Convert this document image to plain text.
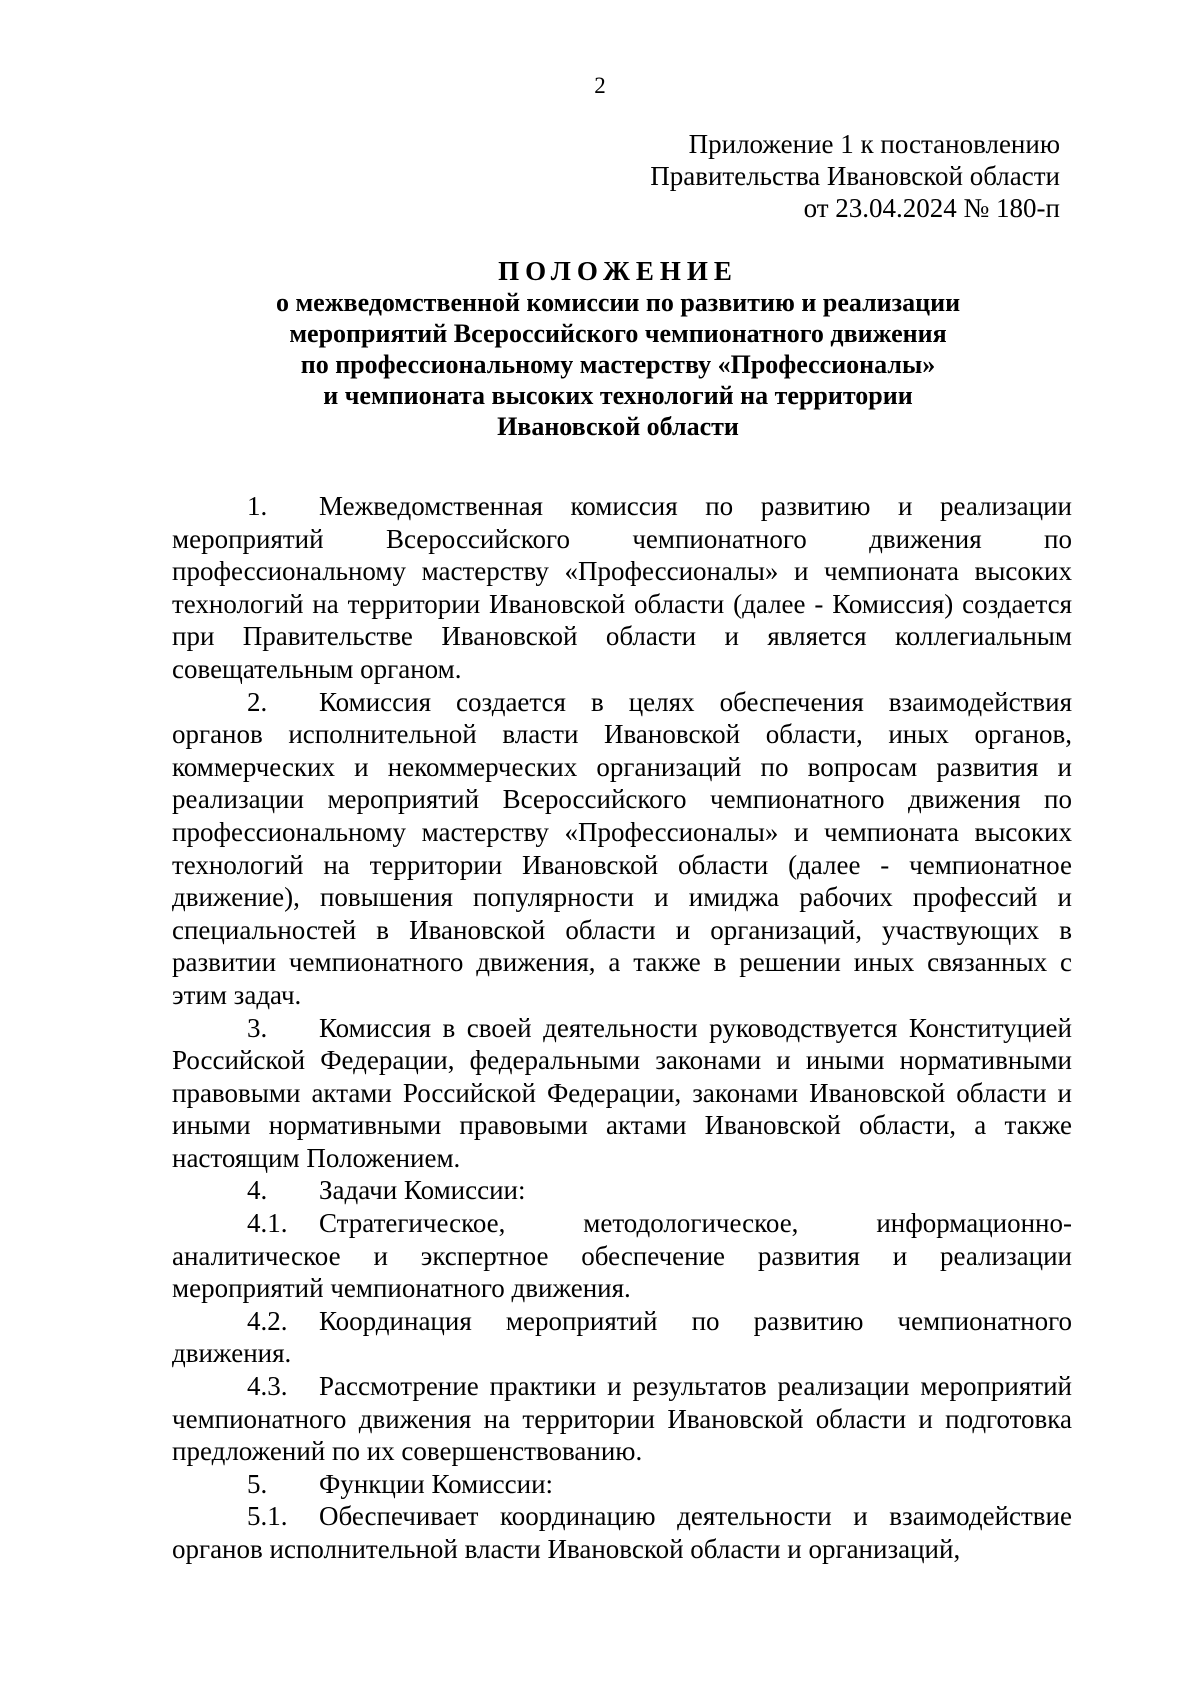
2
Приложение 1 к постановлению
Правительства Ивановской области
от 23.04.2024 № 180-п
ПОЛОЖЕНИЕ
о межведомственной комиссии по развитию и реализации
мероприятий Всероссийского чемпионатного движения
по профессиональному мастерству «Профессионалы»
и чемпионата высоких технологий на территории
Ивановской области

1. Межведомственная комиссия по развитию и реализации мероприятий Всероссийского чемпионатного движения по профессиональному мастерству «Профессионалы» и чемпионата высоких технологий на территории Ивановской области (далее - Комиссия) создается при Правительстве Ивановской области и является коллегиальным совещательным органом.

2. Комиссия создается в целях обеспечения взаимодействия органов исполнительной власти Ивановской области, иных органов, коммерческих и некоммерческих организаций по вопросам развития и реализации мероприятий Всероссийского чемпионатного движения по профессиональному мастерству «Профессионалы» и чемпионата высоких технологий на территории Ивановской области (далее - чемпионатное движение), повышения популярности и имиджа рабочих профессий и специальностей в Ивановской области и организаций, участвующих в развитии чемпионатного движения, а также в решении иных связанных с этим задач.

3. Комиссия в своей деятельности руководствуется Конституцией Российской Федерации, федеральными законами и иными нормативными правовыми актами Российской Федерации, законами Ивановской области и иными нормативными правовыми актами Ивановской области, а также настоящим Положением.

4. Задачи Комиссии:

4.1. Стратегическое, методологическое, информационно-аналитическое и экспертное обеспечение развития и реализации мероприятий чемпионатного движения.

4.2. Координация мероприятий по развитию чемпионатного движения.

4.3. Рассмотрение практики и результатов реализации мероприятий чемпионатного движения на территории Ивановской области и подготовка предложений по их совершенствованию.

5. Функции Комиссии:

5.1. Обеспечивает координацию деятельности и взаимодействие органов исполнительной власти Ивановской области и организаций,
